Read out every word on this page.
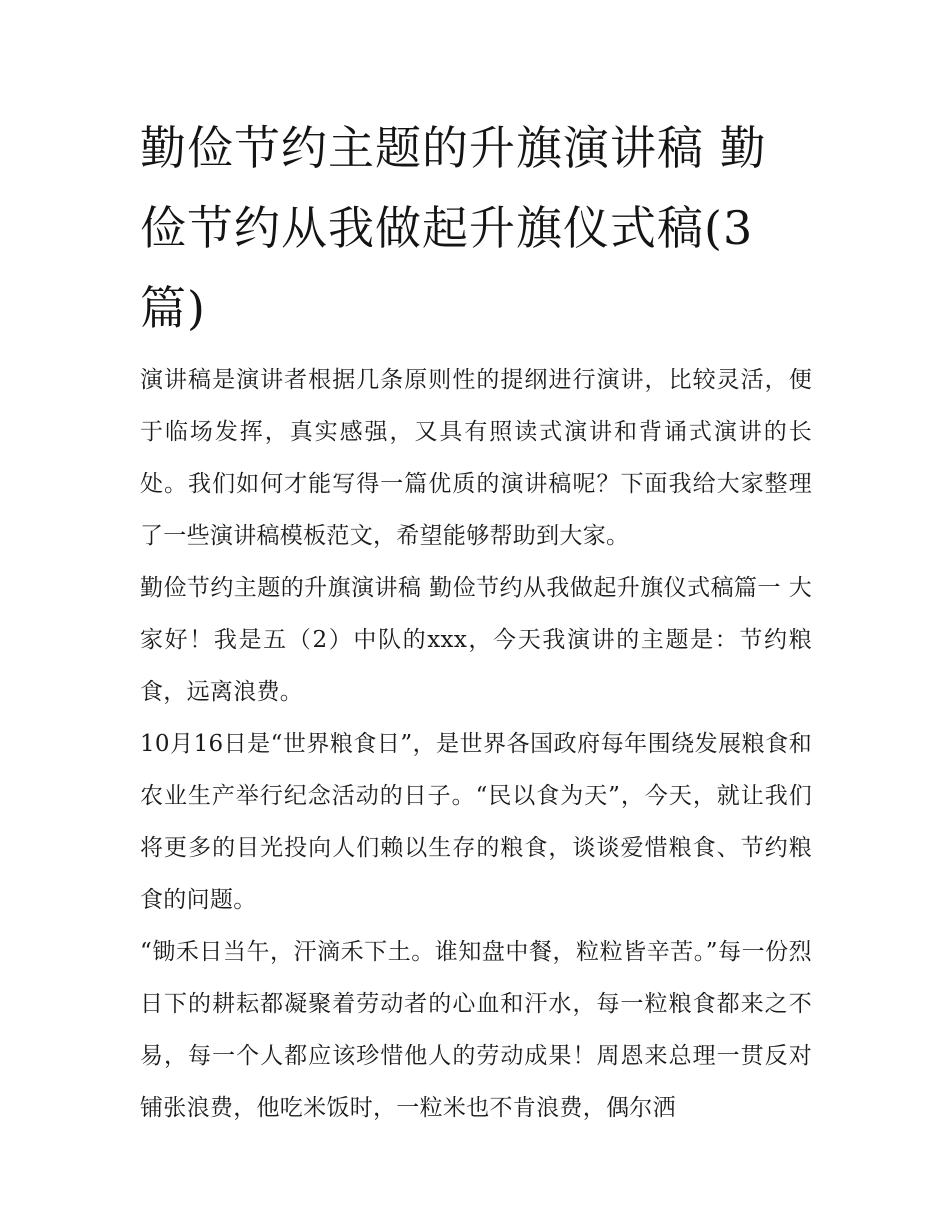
勤俭节约主题的升旗演讲稿 勤俭节约从我做起升旗仪式稿(3篇)

演讲稿是演讲者根据几条原则性的提纲进行演讲，比较灵活，便于临场发挥，真实感强，又具有照读式演讲和背诵式演讲的长处。我们如何才能写得一篇优质的演讲稿呢？下面我给大家整理了一些演讲稿模板范文，希望能够帮助到大家。

勤俭节约主题的升旗演讲稿 勤俭节约从我做起升旗仪式稿篇一 大家好！我是五（2）中队的xxx，今天我演讲的主题是：节约粮食，远离浪费。

10月16日是“世界粮食日”，是世界各国政府每年围绕发展粮食和农业生产举行纪念活动的日子。“民以食为天”，今天，就让我们将更多的目光投向人们赖以生存的粮食，谈谈爱惜粮食、节约粮食的问题。

“锄禾日当午，汗滴禾下土。谁知盘中餐，粒粒皆辛苦。”每一份烈日下的耕耘都凝聚着劳动者的心血和汗水，每一粒粮食都来之不易，每一个人都应该珍惜他人的劳动成果！周恩来总理一贯反对铺张浪费，他吃米饭时，一粒米也不肯浪费，偶尔洒
